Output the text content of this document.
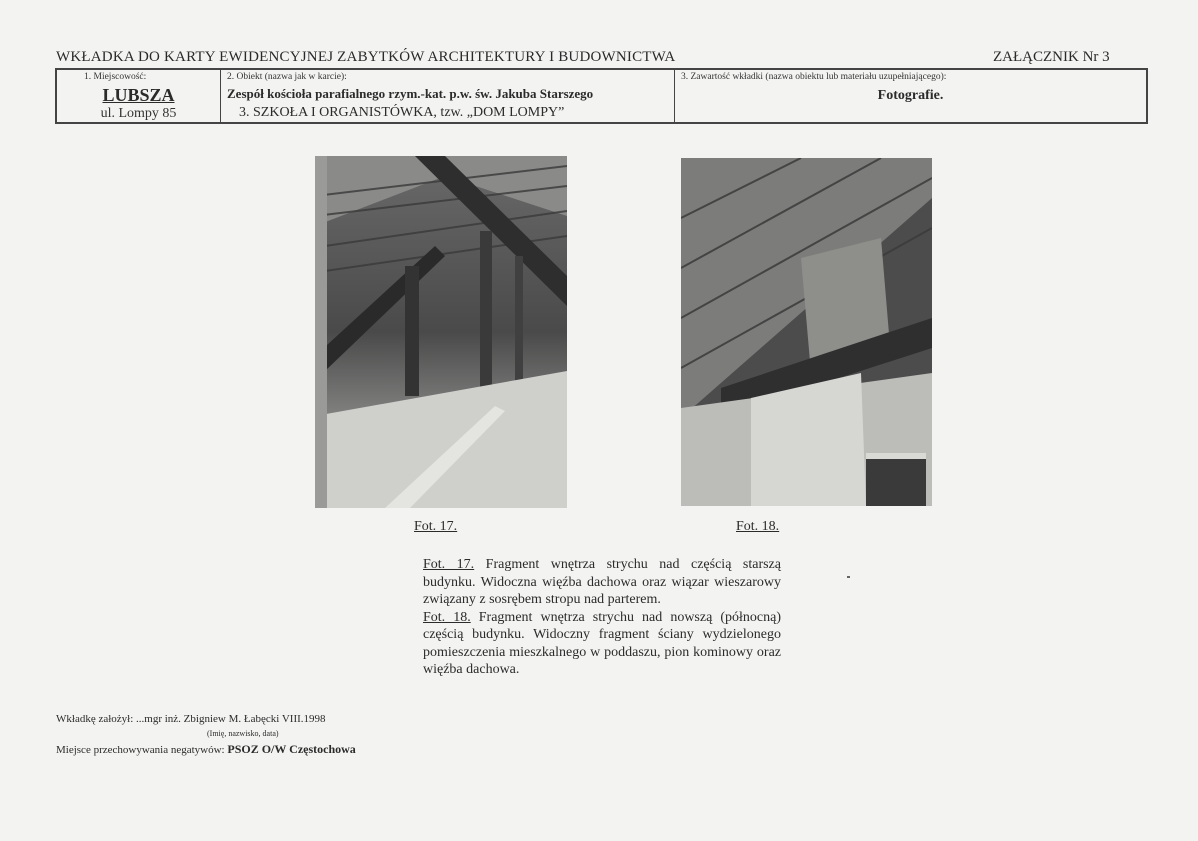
WKŁADKA DO KARTY EWIDENCYJNEJ ZABYTKÓW ARCHITEKTURY I BUDOWNICTWA	ZAŁĄCZNIK Nr 3
1. Miejscowość:
LUBSZA
ul. Lompy 85
2. Obiekt (nazwa jak w karcie):
Zespół kościoła parafialnego rzym.-kat. p.w. św. Jakuba Starszego
3. SZKOŁA I ORGANISTÓWKA, tzw. „DOM LOMPY”
3. Zawartość wkładki (nazwa obiektu lub materiału uzupełniającego):
Fotografie.
Fot. 17.	Fot. 18.

Fot. 17. Fragment wnętrza strychu nad częścią starszą budynku. Widoczna więźba dachowa oraz wiązar wieszarowy związany z sosrębem stropu nad parterem.

Fot. 18. Fragment wnętrza strychu nad nowszą (północną) częścią budynku. Widoczny fragment ściany wydzielonego pomieszczenia mieszkalnego w poddaszu, pion kominowy oraz więźba dachowa.

Wkładkę założył: ...mgr inż. Zbigniew M. Łabęcki VIII.1998
(Imię, nazwisko, data)
Miejsce przechowywania negatywów: PSOZ O/W Częstochowa
